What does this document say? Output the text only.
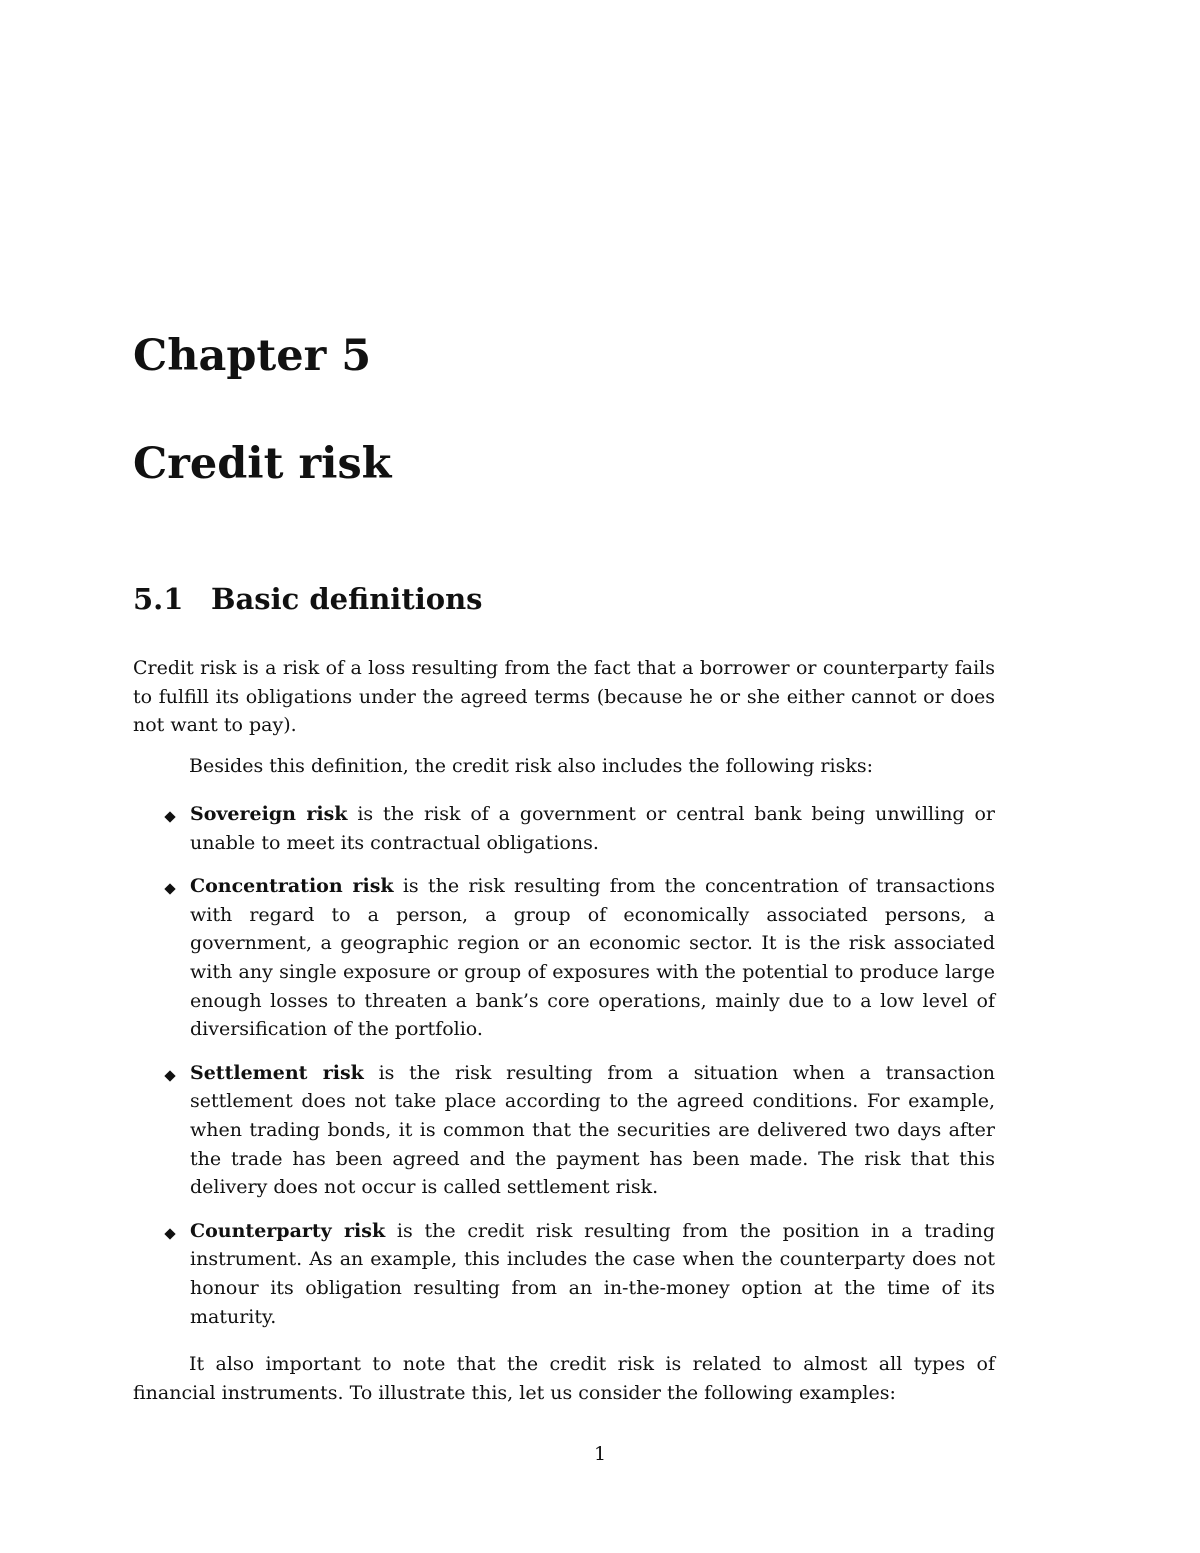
Chapter 5
Credit risk
5.1 Basic definitions

Credit risk is a risk of a loss resulting from the fact that a borrower or counterparty fails to fulfill its obligations under the agreed terms (because he or she either cannot or does not want to pay).

Besides this definition, the credit risk also includes the following risks:

Sovereign risk is the risk of a government or central bank being unwilling or unable to meet its contractual obligations.
Concentration risk is the risk resulting from the concentration of transactions with regard to a person, a group of economically associated persons, a government, a geographic region or an economic sector. It is the risk associated with any single exposure or group of exposures with the potential to produce large enough losses to threaten a bank’s core operations, mainly due to a low level of diversification of the portfolio.
Settlement risk is the risk resulting from a situation when a transaction settlement does not take place according to the agreed conditions. For example, when trading bonds, it is common that the securities are delivered two days after the trade has been agreed and the payment has been made. The risk that this delivery does not occur is called settlement risk.
Counterparty risk is the credit risk resulting from the position in a trading instrument. As an example, this includes the case when the counterparty does not honour its obligation resulting from an in-the-money option at the time of its maturity.

It also important to note that the credit risk is related to almost all types of financial instruments. To illustrate this, let us consider the following examples:

1
